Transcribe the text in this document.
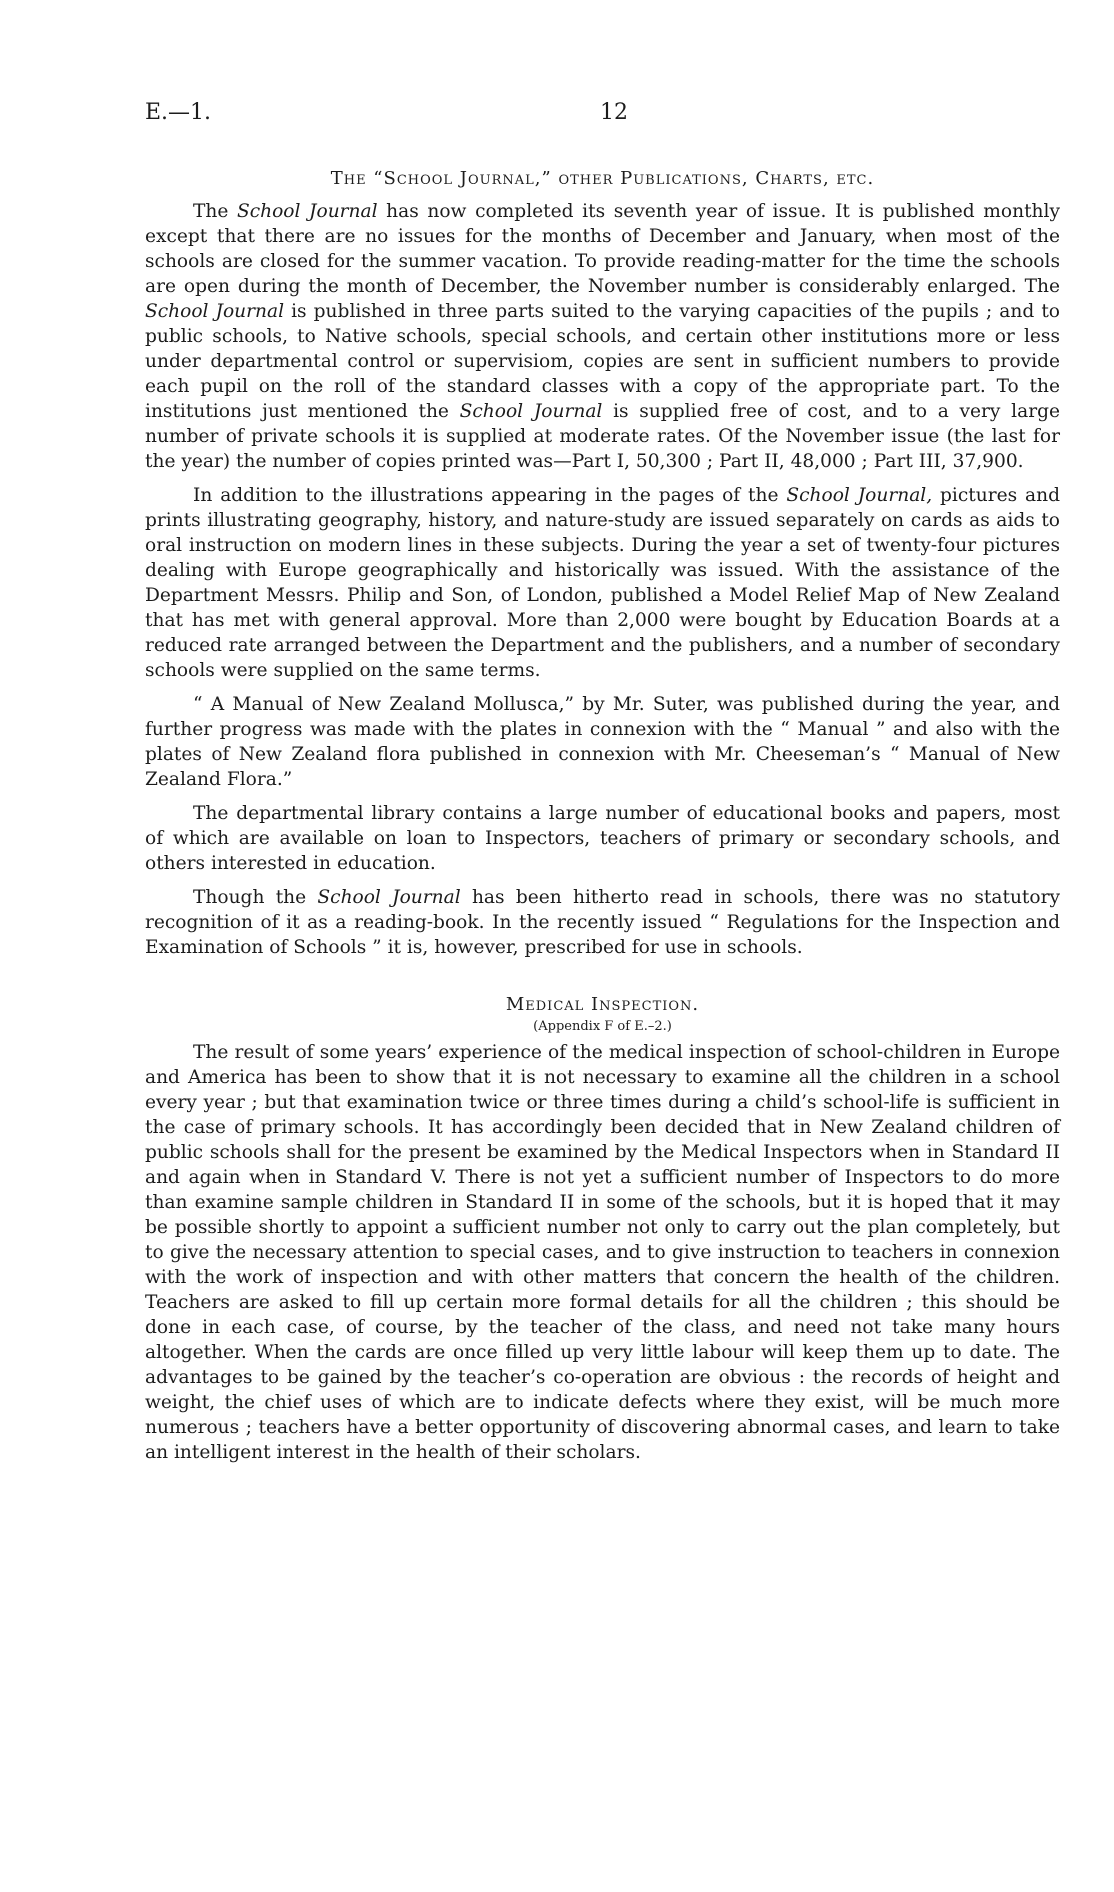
E.—1.	12
The “School Journal,” other Publications, Charts, etc.

The School Journal has now completed its seventh year of issue. It is published monthly except that there are no issues for the months of December and January, when most of the schools are closed for the summer vacation. To provide reading-matter for the time the schools are open during the month of December, the November number is considerably enlarged. The School Journal is published in three parts suited to the varying capacities of the pupils ; and to public schools, to Native schools, special schools, and certain other institutions more or less under departmental control or supervisiom, copies are sent in sufficient numbers to provide each pupil on the roll of the standard classes with a copy of the appropriate part. To the institutions just mentioned the School Journal is supplied free of cost, and to a very large number of private schools it is supplied at moderate rates. Of the November issue (the last for the year) the number of copies printed was—Part I, 50,300 ; Part II, 48,000 ; Part III, 37,900.

In addition to the illustrations appearing in the pages of the School Journal, pictures and prints illustrating geography, history, and nature-study are issued separately on cards as aids to oral instruction on modern lines in these subjects. During the year a set of twenty-four pictures dealing with Europe geographically and historically was issued. With the assistance of the Department Messrs. Philip and Son, of London, published a Model Relief Map of New Zealand that has met with general approval. More than 2,000 were bought by Education Boards at a reduced rate arranged between the Department and the publishers, and a number of secondary schools were supplied on the same terms.

“ A Manual of New Zealand Mollusca,” by Mr. Suter, was published during the year, and further progress was made with the plates in connexion with the “ Manual ” and also with the plates of New Zealand flora published in connexion with Mr. Cheeseman’s “ Manual of New Zealand Flora.”

The departmental library contains a large number of educational books and papers, most of which are available on loan to Inspectors, teachers of primary or secondary schools, and others interested in education.

Though the School Journal has been hitherto read in schools, there was no statutory recognition of it as a reading-book. In the recently issued “ Regulations for the Inspection and Examination of Schools ” it is, however, prescribed for use in schools.

Medical Inspection.
(Appendix F of E.–2.)

The result of some years’ experience of the medical inspection of school-children in Europe and America has been to show that it is not necessary to examine all the children in a school every year ; but that examination twice or three times during a child’s school-life is sufficient in the case of primary schools. It has accordingly been decided that in New Zealand children of public schools shall for the present be examined by the Medical Inspectors when in Standard II and again when in Standard V. There is not yet a sufficient number of Inspectors to do more than examine sample children in Standard II in some of the schools, but it is hoped that it may be possible shortly to appoint a sufficient number not only to carry out the plan completely, but to give the necessary attention to special cases, and to give instruction to teachers in connexion with the work of inspection and with other matters that concern the health of the children. Teachers are asked to fill up certain more formal details for all the children ; this should be done in each case, of course, by the teacher of the class, and need not take many hours altogether. When the cards are once filled up very little labour will keep them up to date. The advantages to be gained by the teacher’s co-operation are obvious : the records of height and weight, the chief uses of which are to indicate defects where they exist, will be much more numerous ; teachers have a better opportunity of discovering abnormal cases, and learn to take an intelligent interest in the health of their scholars.
